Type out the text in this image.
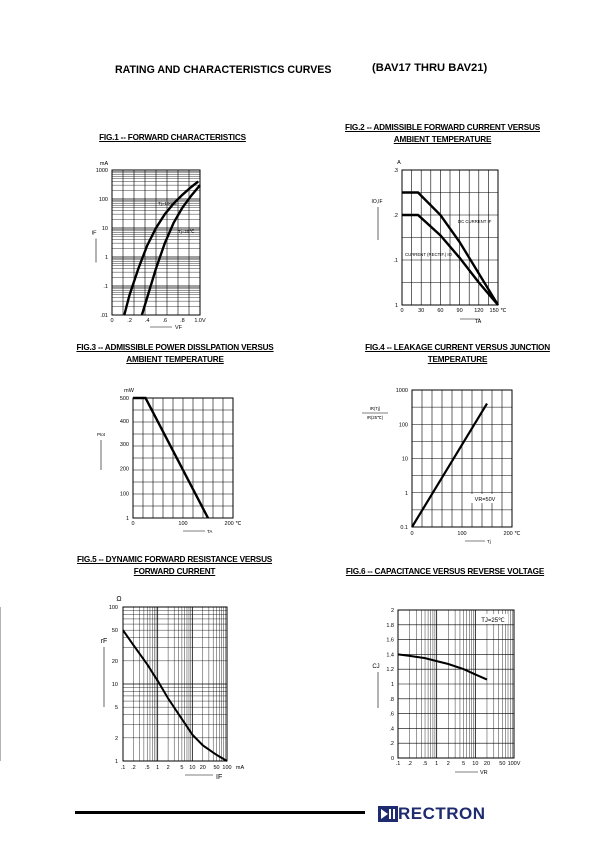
RATING AND CHARACTERISTICS CURVES	(BAV17 THRU BAV21)
FIG.1 -- FORWARD CHARACTERISTICS
.01
.1
1
10
100
1000
0	.2 .4 .6 .8 1.0V
mA
IF
VF
Tj=100℃
Tj=25℃
FIG.2 -- ADMISSIBLE FORWARD CURRENT VERSUS AMBIENT TEMPERATURE
.3
.2
.1
1
0	30 60 90 120 150 ℃
A
IO,IF
TA
DC CURRENT IF
CURRENT (RECTIF.) IO
FIG.3 -- ADMISSIBLE POWER DISSLPATION VERSUS AMBIENT TEMPERATURE
1
100
200
300
400
500
0	100	200 ℃
mW
Ptot
TA
FIG.4 -- LEAKAGE CURRENT VERSUS JUNCTION TEMPERATURE
0.1
1
10
100
1000
0	100	200 ℃
IR(Tj)
IR(25℃)
Tj
VR=50V
FIG.5 -- DYNAMIC FORWARD RESISTANCE VERSUS FORWARD CURRENT
1
2
5
10
20
50
100
.1 .2 .5 1 2 5 10 20 50 100 mA
Ω
rF
IF
FIG.6 -- CAPACITANCE VERSUS REVERSE VOLTAGE
0
.2
.4
.6
.8
1
1.2
1.4
1.6
1.8
2
.1 .2 .5 1 2 5 10 20 50 100V
CJ
VR
TJ=25℃
RECTRON
